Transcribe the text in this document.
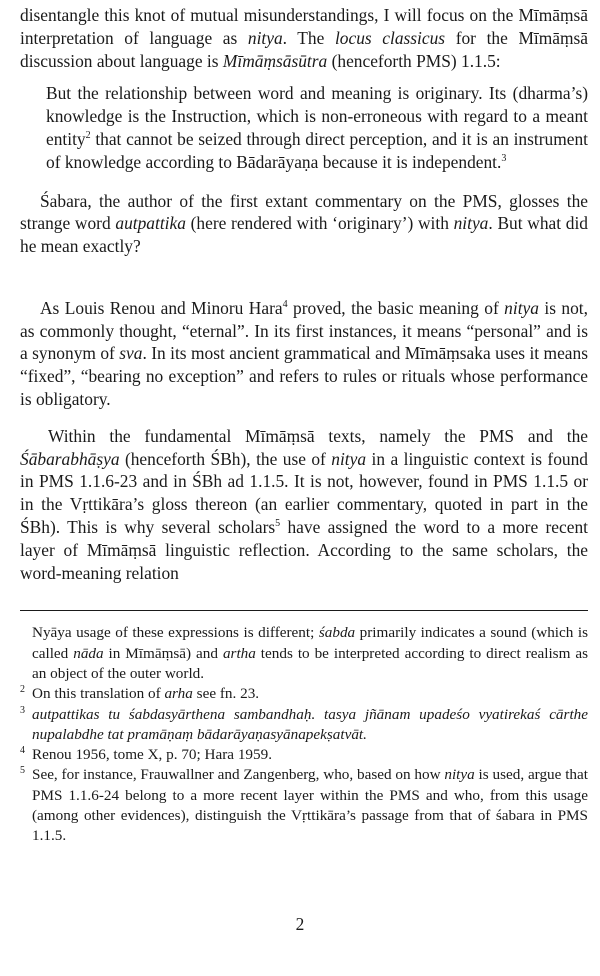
disentangle this knot of mutual misunderstandings, I will focus on the Mīmāṃsā interpretation of language as nitya. The locus classicus for the Mīmāṃsā discussion about language is Mīmāṃsāsūtra (henceforth PMS) 1.1.5:

But the relationship between word and meaning is originary. Its (dharma’s) knowledge is the Instruction, which is non-erroneous with regard to a meant entity$^2$ that cannot be seized through direct perception, and it is an instrument of knowledge according to Bādarāyaṇa because it is independent.$^3$

Śabara, the author of the first extant commentary on the PMS, glosses the strange word autpattika (here rendered with ‘originary’) with nitya. But what did he mean exactly?

As Louis Renou and Minoru Hara$^4$ proved, the basic meaning of nitya is not, as commonly thought, “eternal”. In its first instances, it means “personal” and is a synonym of sva. In its most ancient grammatical and Mīmāṃsaka uses it means “fixed”, “bearing no exception” and refers to rules or rituals whose performance is obligatory.

Within the fundamental Mīmāṃsā texts, namely the PMS and the Śābarabhāṣya (henceforth ŚBh), the use of nitya in a linguistic context is found in PMS 1.1.6-23 and in ŚBh ad 1.1.5. It is not, however, found in PMS 1.1.5 or in the Vṛttikāra’s gloss thereon (an earlier commentary, quoted in part in the ŚBh). This is why several scholars$^5$ have assigned the word to a more recent layer of Mīmāṃsā linguistic reflection. According to the same scholars, the word-meaning relation

Nyāya usage of these expressions is different; śabda primarily indicates a sound (which is called nāda in Mīmāṃsā) and artha tends to be interpreted according to direct realism as an object of the outer world.

2 On this translation of arha see fn. 23.

3 autpattikas tu śabdasyārthena sambandhaḥ. tasya jñānam upadeśo vyatirekaś cārthe nupalabdhe tat pramāṇaṃ bādarāyaṇasyānapekṣatvāt.

4 Renou 1956, tome X, p. 70; Hara 1959.

5 See, for instance, Frauwallner and Zangenberg, who, based on how nitya is used, argue that PMS 1.1.6-24 belong to a more recent layer within the PMS and who, from this usage (among other evidences), distinguish the Vṛttikāra’s passage from that of śabara in PMS 1.1.5.

2
